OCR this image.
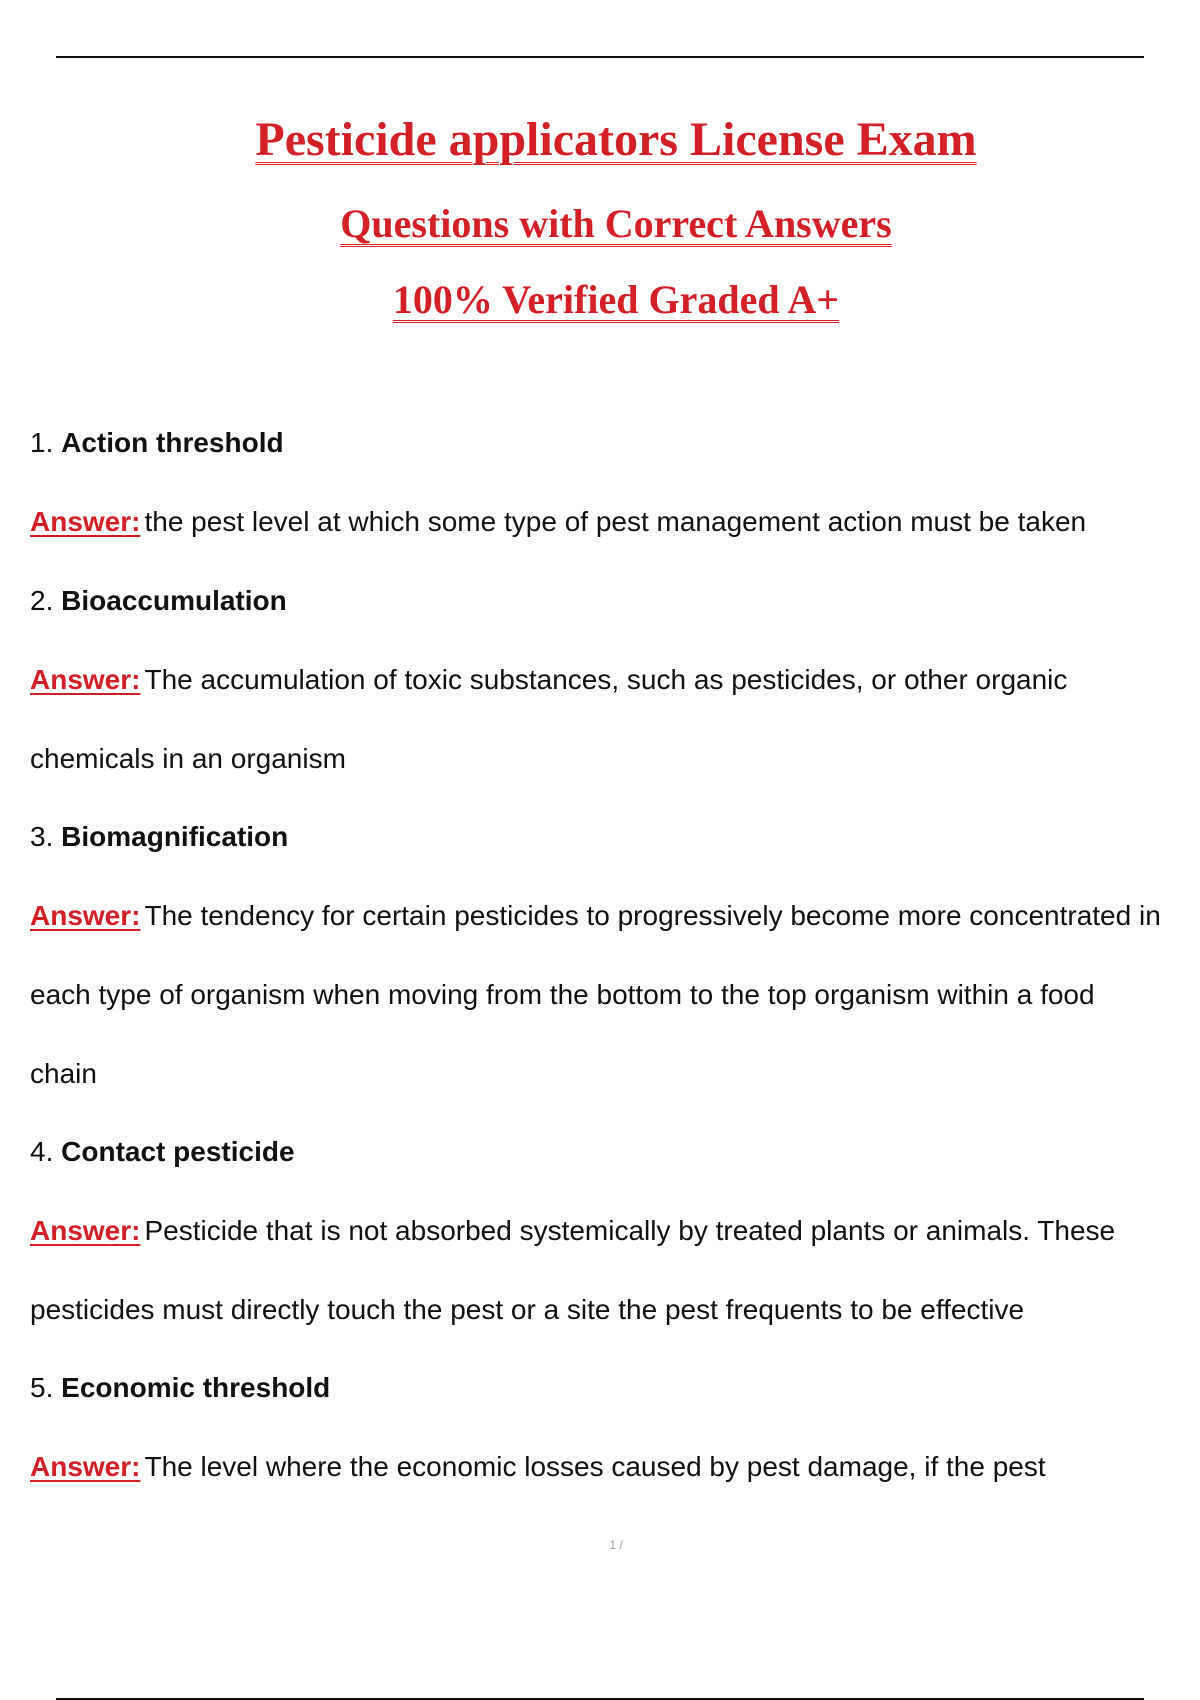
Pesticide applicators License Exam
Questions with Correct Answers
100% Verified Graded A+
1. Action threshold
Answer: the pest level at which some type of pest management action must be taken
2. Bioaccumulation
Answer: The accumulation of toxic substances, such as pesticides, or other organic
chemicals in an organism
3. Biomagnification
Answer: The tendency for certain pesticides to progressively become more concentrated in
each type of organism when moving from the bottom to the top organism within a food
chain
4. Contact pesticide
Answer: Pesticide that is not absorbed systemically by treated plants or animals. These
pesticides must directly touch the pest or a site the pest frequents to be effective
5. Economic threshold
Answer: The level where the economic losses caused by pest damage, if the pest
1 /
